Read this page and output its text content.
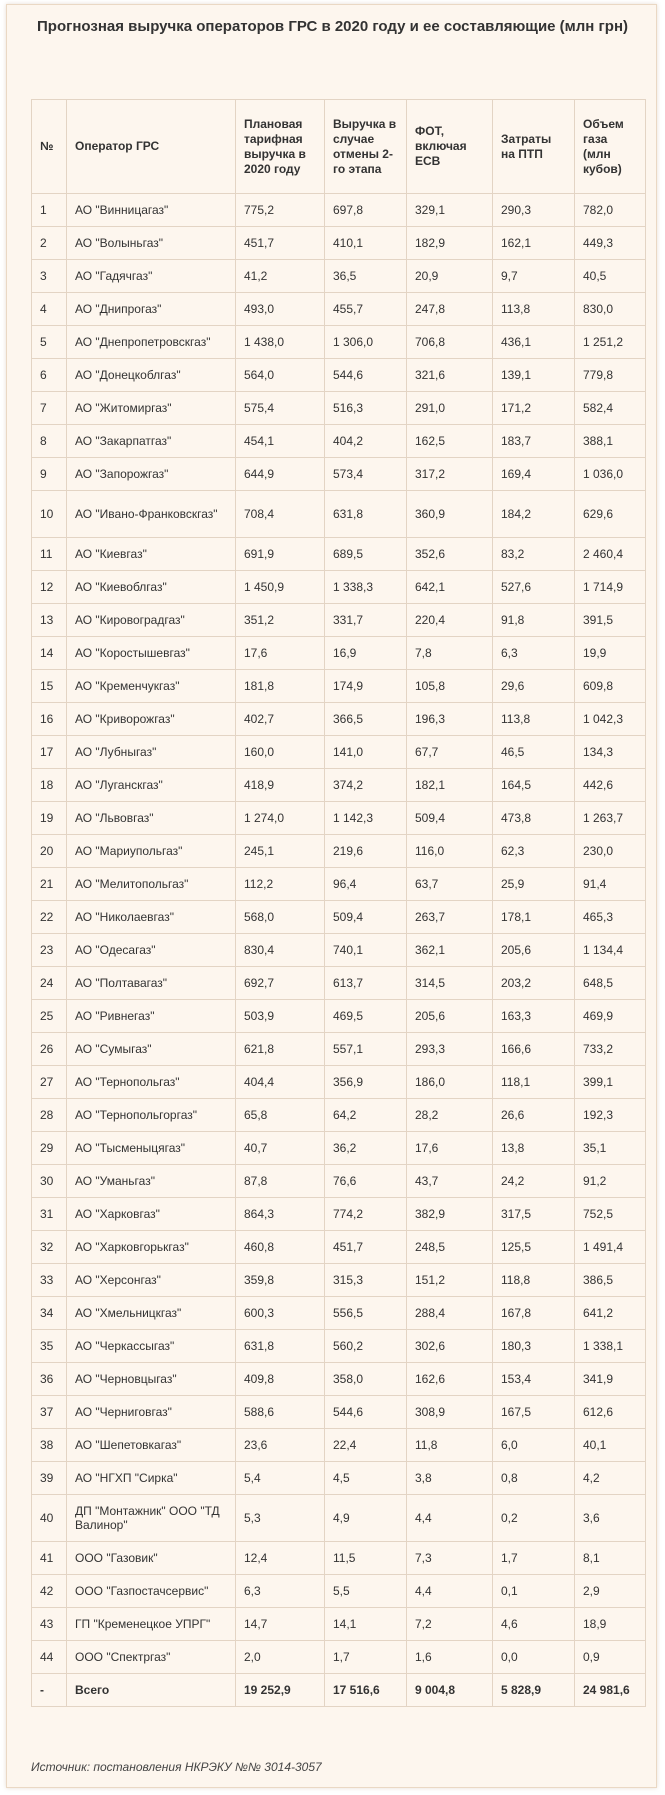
Прогнозная выручка операторов ГРС в 2020 году и ее составляющие (млн грн)
№	Оператор ГРС	Плановая тарифная выручка в 2020 году	Выручка в случае отмены 2-го этапа	ФОТ, включая ЕСВ	Затраты на ПТП	Объем газа (млн кубов)
1	АО "Винницагаз"	775,2	697,8	329,1	290,3	782,0
2	АО "Волыньгаз"	451,7	410,1	182,9	162,1	449,3
3	АО "Гадячгаз"	41,2	36,5	20,9	9,7	40,5
4	АО "Днипрогаз"	493,0	455,7	247,8	113,8	830,0
5	АО "Днепропетровскгаз"	1 438,0	1 306,0	706,8	436,1	1 251,2
6	АО "Донецкоблгаз"	564,0	544,6	321,6	139,1	779,8
7	АО "Житомиргаз"	575,4	516,3	291,0	171,2	582,4
8	АО "Закарпатгаз"	454,1	404,2	162,5	183,7	388,1
9	АО "Запорожгаз"	644,9	573,4	317,2	169,4	1 036,0
10	АО "Ивано-Франковскгаз"	708,4	631,8	360,9	184,2	629,6
11	АО "Киевгаз"	691,9	689,5	352,6	83,2	2 460,4
12	АО "Киевоблгаз"	1 450,9	1 338,3	642,1	527,6	1 714,9
13	АО "Кировоградгаз"	351,2	331,7	220,4	91,8	391,5
14	АО "Коростышевгаз"	17,6	16,9	7,8	6,3	19,9
15	АО "Кременчукгаз"	181,8	174,9	105,8	29,6	609,8
16	АО "Криворожгаз"	402,7	366,5	196,3	113,8	1 042,3
17	АО "Лубныгаз"	160,0	141,0	67,7	46,5	134,3
18	АО "Луганскгаз"	418,9	374,2	182,1	164,5	442,6
19	АО "Львовгаз"	1 274,0	1 142,3	509,4	473,8	1 263,7
20	АО "Мариупольгаз"	245,1	219,6	116,0	62,3	230,0
21	АО "Мелитопольгаз"	112,2	96,4	63,7	25,9	91,4
22	АО "Николаевгаз"	568,0	509,4	263,7	178,1	465,3
23	АО "Одесагаз"	830,4	740,1	362,1	205,6	1 134,4
24	АО "Полтавагаз"	692,7	613,7	314,5	203,2	648,5
25	АО "Ривнегаз"	503,9	469,5	205,6	163,3	469,9
26	АО "Сумыгаз"	621,8	557,1	293,3	166,6	733,2
27	АО "Тернопольгаз"	404,4	356,9	186,0	118,1	399,1
28	АО "Тернопольгоргаз"	65,8	64,2	28,2	26,6	192,3
29	АО "Тысменыцягаз"	40,7	36,2	17,6	13,8	35,1
30	АО "Уманьгаз"	87,8	76,6	43,7	24,2	91,2
31	АО "Харковгаз"	864,3	774,2	382,9	317,5	752,5
32	АО "Харковгорькгаз"	460,8	451,7	248,5	125,5	1 491,4
33	АО "Херсонгаз"	359,8	315,3	151,2	118,8	386,5
34	АО "Хмельницкгаз"	600,3	556,5	288,4	167,8	641,2
35	АО "Черкассыгаз"	631,8	560,2	302,6	180,3	1 338,1
36	АО "Черновцыгаз"	409,8	358,0	162,6	153,4	341,9
37	АО "Черниговгаз"	588,6	544,6	308,9	167,5	612,6
38	АО "Шепетовкагаз"	23,6	22,4	11,8	6,0	40,1
39	АО "НГХП "Сирка"	5,4	4,5	3,8	0,8	4,2
40	ДП "Монтажник" ООО "ТД Валинор"	5,3	4,9	4,4	0,2	3,6
41	ООО "Газовик"	12,4	11,5	7,3	1,7	8,1
42	ООО "Газпостачсервис"	6,3	5,5	4,4	0,1	2,9
43	ГП "Кременецкое УПРГ"	14,7	14,1	7,2	4,6	18,9
44	ООО "Спектргаз"	2,0	1,7	1,6	0,0	0,9
-	Всего	19 252,9	17 516,6	9 004,8	5 828,9	24 981,6
Источник: постановления НКРЭКУ №№ 3014-3057
